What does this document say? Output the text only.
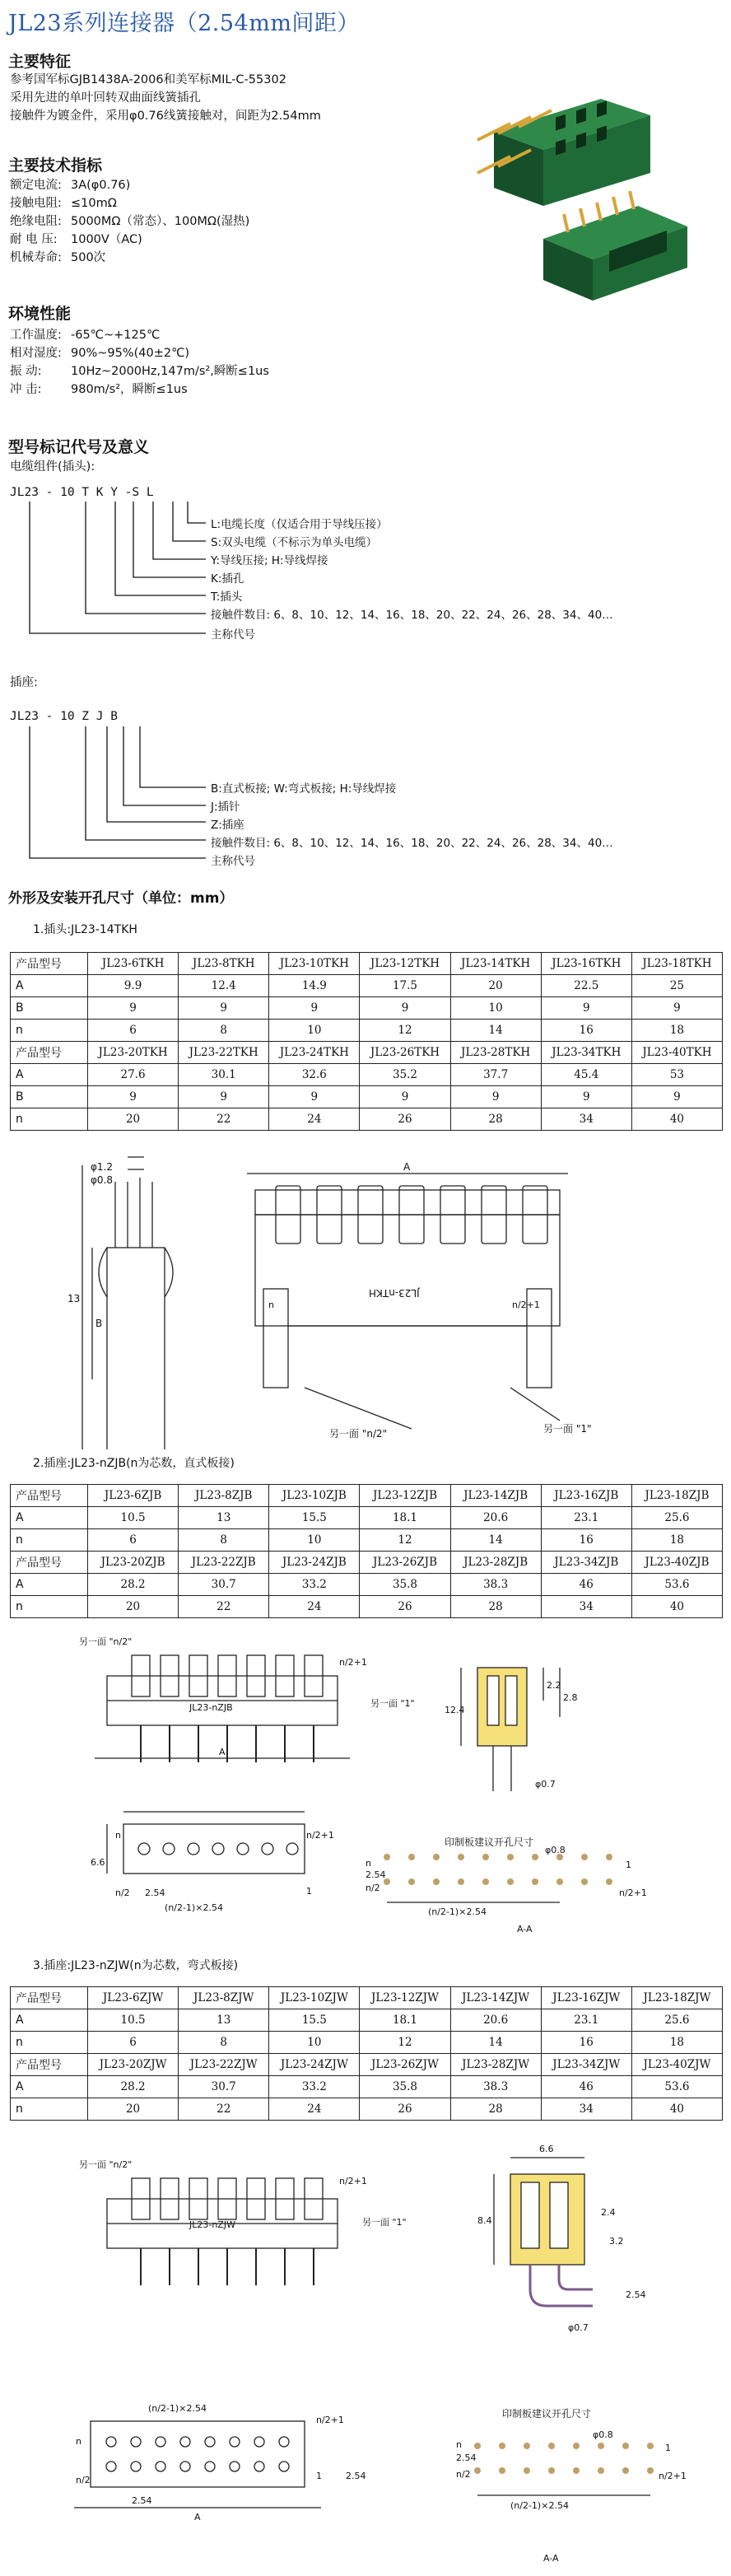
JL23系列连接器（2.54mm间距）
主要特征
参考国军标GJB1438A-2006和美军标MIL-C-55302
采用先进的单叶回转双曲面线簧插孔
接触件为镀金件，采用φ0.76线簧接触对，间距为2.54mm
主要技术指标
额定电流: 3A(φ0.76)
接触电阻: ≤10mΩ
绝缘电阻: 5000MΩ（常态）、100MΩ(湿热)
耐 电 压: 1000V（AC)
机械寿命: 500次
环境性能
工作温度: -65℃~+125℃
相对湿度: 90%~95%(40±2℃)
振 动: 10Hz~2000Hz,147m/s²,瞬断≤1us
冲 击: 980m/s²，瞬断≤1us
型号标记代号及意义
电缆组件(插头):
JL23 - 10 T K Y -S L
L:电缆长度（仅适合用于导线压接）
S:双头电缆（不标示为单头电缆）
Y:导线压接; H:导线焊接
K:插孔
T:插头
接触件数目: 6、8、10、12、14、16、18、20、22、24、26、28、34、40…
主称代号
插座:
JL23 - 10 Z J B
B:直式板接; W:弯式板接; H:导线焊接
J:插针
Z:插座
接触件数目: 6、8、10、12、14、16、18、20、22、24、26、28、34、40…
主称代号
外形及安装开孔尺寸（单位：mm）
1.插头:JL23-14TKH
产品型号	JL23-6TKH	JL23-8TKH	JL23-10TKH	JL23-12TKH	JL23-14TKH	JL23-16TKH	JL23-18TKH
A	9.9	12.4	14.9	17.5	20	22.5	25
B	9	9	9	9	10	9	9
n	6	8	10	12	14	16	18
产品型号	JL23-20TKH	JL23-22TKH	JL23-24TKH	JL23-26TKH	JL23-28TKH	JL23-34TKH	JL23-40TKH
A	27.6	30.1	32.6	35.2	37.7	45.4	53
B	9	9	9	9	9	9	9
n	20	22	24	26	28	34	40
φ1.2
φ0.8
13
B
A
JL23-nTKH
n	n/2+1
另一面 "n/2"	另一面 "1"
2.插座:JL23-nZJB(n为芯数，直式板接)
产品型号	JL23-6ZJB	JL23-8ZJB	JL23-10ZJB	JL23-12ZJB	JL23-14ZJB	JL23-16ZJB	JL23-18ZJB
A	10.5	13	15.5	18.1	20.6	23.1	25.6
n	6	8	10	12	14	16	18
产品型号	JL23-20ZJB	JL23-22ZJB	JL23-24ZJB	JL23-26ZJB	JL23-28ZJB	JL23-34ZJB	JL23-40ZJB
A	28.2	30.7	33.2	35.8	38.3	46	53.6
n	20	22	24	26	28	34	40
另一面 "n/2"
n/2+1
另一面 "1"
JL23-nZJB
A
12.4
2.2
2.8
φ0.7
6.6
n
n/2 2.54
(n/2-1)×2.54
n/2+1
1
印制板建议开孔尺寸
φ0.8
n
2.54
n/2
1
n/2+1
(n/2-1)×2.54
A-A
3.插座:JL23-nZJW(n为芯数，弯式板接)
产品型号	JL23-6ZJW	JL23-8ZJW	JL23-10ZJW	JL23-12ZJW	JL23-14ZJW	JL23-16ZJW	JL23-18ZJW
A	10.5	13	15.5	18.1	20.6	23.1	25.6
n	6	8	10	12	14	16	18
产品型号	JL23-20ZJW	JL23-22ZJW	JL23-24ZJW	JL23-26ZJW	JL23-28ZJW	JL23-34ZJW	JL23-40ZJW
A	28.2	30.7	33.2	35.8	38.3	46	53.6
n	20	22	24	26	28	34	40
另一面 "n/2"
n/2+1
另一面 "1"
JL23-nZJW
6.6
8.4
2.4
3.2
2.54
φ0.7
(n/2-1)×2.54
n/2+1
n
n/2
2.54
1
A
2.54
印制板建议开孔尺寸
φ0.8
n
2.54
n/2
1
n/2+1
(n/2-1)×2.54
A-A
